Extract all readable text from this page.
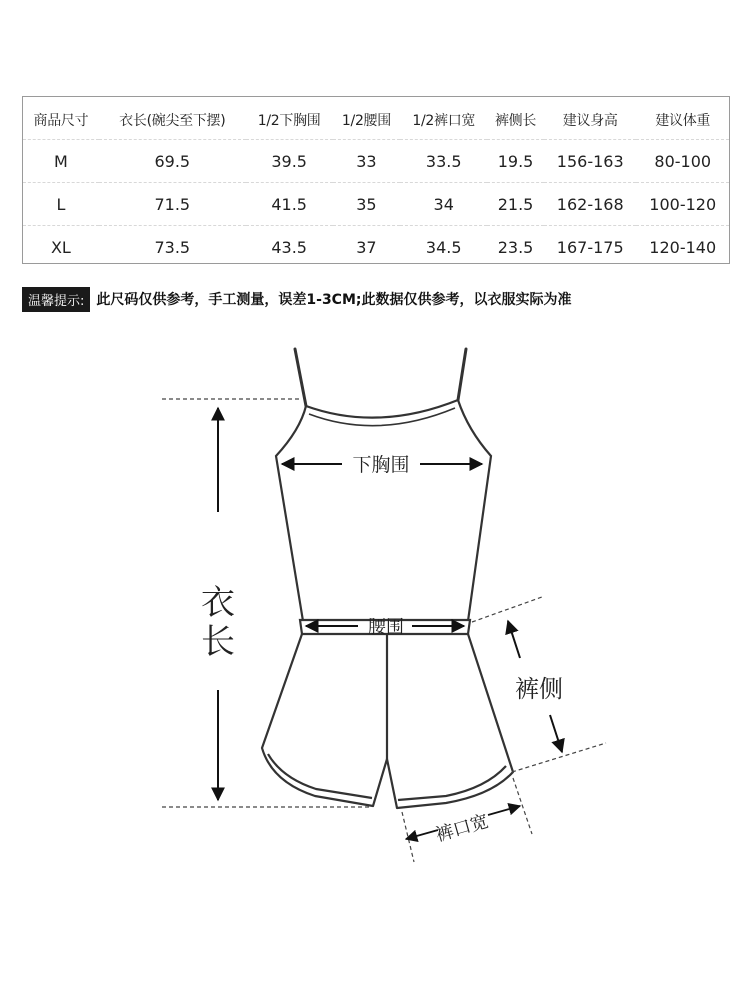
商品尺寸	衣长(碗尖至下摆)	1/2下胸围	1/2腰围	1/2裤口宽	裤侧长	建议身高	建议体重
M	69.5	39.5	33	33.5	19.5	156-163	80-100
L	71.5	41.5	35	34	21.5	162-168	100-120
XL	73.5	43.5	37	34.5	23.5	167-175	120-140
温馨提示: 此尺码仅供参考，手工测量，误差1-3CM;此数据仅供参考，以衣服实际为准
下胸围
腰围
衣
长
裤侧
裤口宽
